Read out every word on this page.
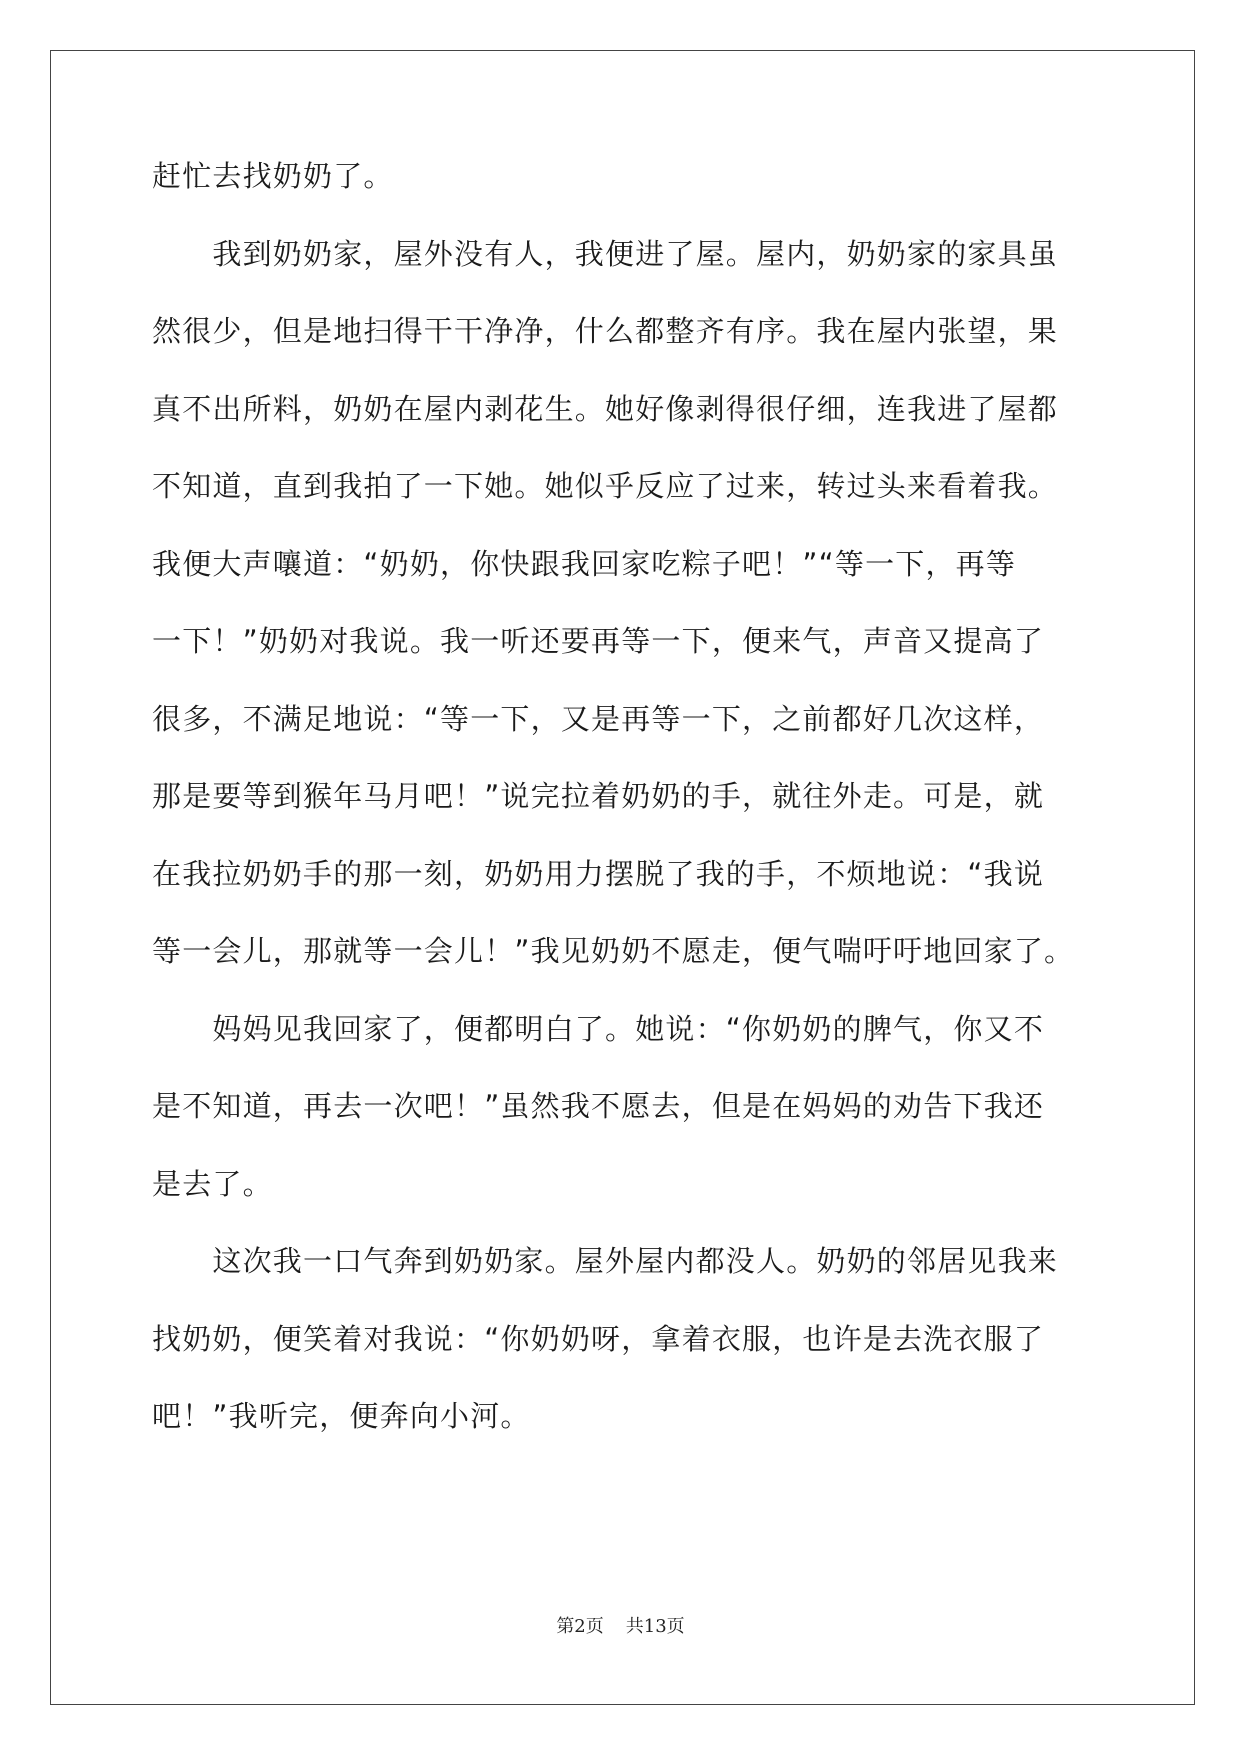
赶忙去找奶奶了。
　　我到奶奶家，屋外没有人，我便进了屋。屋内，奶奶家的家具虽
然很少，但是地扫得干干净净，什么都整齐有序。我在屋内张望，果
真不出所料，奶奶在屋内剥花生。她好像剥得很仔细，连我进了屋都
不知道，直到我拍了一下她。她似乎反应了过来，转过头来看着我。
我便大声嚷道：“奶奶，你快跟我回家吃粽子吧！”“等一下，再等
一下！”奶奶对我说。我一听还要再等一下，便来气，声音又提高了
很多，不满足地说：“等一下，又是再等一下，之前都好几次这样，
那是要等到猴年马月吧！”说完拉着奶奶的手，就往外走。可是，就
在我拉奶奶手的那一刻，奶奶用力摆脱了我的手，不烦地说：“我说
等一会儿，那就等一会儿！”我见奶奶不愿走，便气喘吁吁地回家了。
　　妈妈见我回家了，便都明白了。她说：“你奶奶的脾气，你又不
是不知道，再去一次吧！”虽然我不愿去，但是在妈妈的劝告下我还
是去了。
　　这次我一口气奔到奶奶家。屋外屋内都没人。奶奶的邻居见我来
找奶奶，便笑着对我说：“你奶奶呀，拿着衣服，也许是去洗衣服了
吧！”我听完，便奔向小河。
第2页 共13页
